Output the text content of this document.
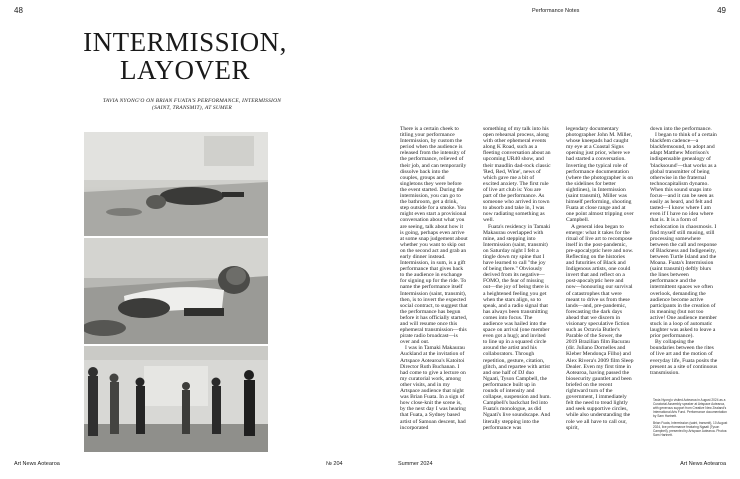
48	Performance Notes	49
INTERMISSION,
LAYOVER
TAVIA NYONG'O ON BRIAN FUATA'S PERFORMANCE, INTERMISSION (SAINT, TRANSMIT), AT SUMER

There is a certain cheek to titling your performance Intermission, by custom the period when the audience is released from the intensity of the performance, relieved of their job, and can temporarily dissolve back into the couples, groups and singletons they were before the event started. During the intermission, you can go to the bathroom, get a drink, step outside for a smoke. You might even start a provisional conversation about what you are seeing, talk about how it is going, perhaps even arrive at some snap judgement about whether you want to skip out on the second act and grab an early dinner instead. Intermission, in sum, is a gift performance that gives back to the audience in exchange for signing up for the ride. To name the performance itself Intermission (saint, transmit), then, is to invert the expected social contract, to suggest that the performance has begun before it has officially started, and will resume once this ephemeral transmission—this pirate radio broadcast—is over and out.

I was in Tamaki Makaurau Auckland at the invitation of Artspace Aotearoa's Katoitoi Director Ruth Buchanan. I had come to give a lecture on my curatorial work, among other visits, and in my Artspace audience that night was Brian Fuata. In a sign of how close-knit the scene is, by the next day I was hearing that Fuata, a Sydney based artist of Samoan descent, had incorporated

something of my talk into his open rehearsal process, along with other ephemeral events along K Road, such as a fleeting conversation about an upcoming UR40 show, and their maudlin dad-rock classic 'Red, Red, Wine', news of which gave me a bit of excited anxiety. The first rule of live art club is: You are part of the performance. As someone who arrived in town to absorb and take in, I was now radiating something as well.

Fuata's residency in Tamaki Makaurau overlapped with mine, and stepping into Intermission (saint, transmit) on Saturday night I felt a tingle down my spine that I have learned to call "the joy of being there." Obviously derived from its negative—FOMO, the fear of missing out—the joy of being there is a heightened feeling you get when the stars align, so to speak, and a radio signal that has always been transmitting comes into focus. The audience was hailed into the space on arrival (one member even got a hug); and invited to line up in a squared circle around the artist and his collaborators. Through repetition, gesture, citation, glitch, and repartee with artist and one half of DJ duo Ngaati, Tyson Campbell, the performance built up in rounds of intensity and collapse, suspension and hum. Campbell's backchat fed into Fuata's monologue, as did Ngaati's live soundscape. And literally stepping into the performance was

legendary documentary photographer John M. Miller, whose kneepads had caught my eye at a Coastal Signs opening just prior, where we had started a conversation. Inverting the typical role of performance documentation (where the photographer is on the sidelines for better sightlines), in Intermission (saint transmit), Miller was himself performing, shooting Fuata at close range and at one point almost tripping over Campbell.

A general idea began to emerge: what it takes for the ritual of live art to recompose itself in the post-pandemic, pre-apocalyptic here and now. Reflecting on the histories and futurities of Black and Indigenous artists, one could invert that and reflect on a post-apocalyptic here and now—honouring our survival of catastrophes that were meant to drive us from these lands—and, pre-pandemic, forecasting the dark days ahead that we discern in visionary speculative fiction such as Octavia Butler's Parable of the Sower, the 2019 Brazilian film Bacurau (dir. Juliano Dornelles and Kleber Mendonça Filho) and Alex Rivera's 2009 film Sleep Dealer. Even my first time in Aotearoa, having passed the biosecurity gauntlet and been briefed on the recent rightward turn of the government, I immediately felt the need to tread lightly and seek supportive circles, while also understanding the role we all have to call our, spirit,

down into the performance.

I began to think of a certain blackfem cadence—a blackfemsound, to adopt and adapt Matthew Morrison's indispensable genealogy of 'blacksound'—that works as a global transmitter of being otherwise in the fraternal technocapitalism dynamo. When this sound snaps into focus—and it can be seen as easily as heard, and felt and tasted—I know where I am even if I have no idea where that is. It is a form of echolocation in chaosmosis. I find myself still musing, still processing somewhere between the call and response of Blackness and Indigeneity, between Turtle Island and the Moana. Fuata's Intermission (saint transmit) deftly blurs the lines between performance and the intermittent spaces we often overlook, demanding the audience become active participants in the creation of its meaning (but not too active! One audience member stuck in a loop of automatic laughter was asked to leave a prior performance).

By collapsing the boundaries between the rites of live art and the motion of everyday life, Fuata posits the present as a site of continuous transmission.

Tavia Nyong'o visited Aotearoa in August 2024 as a Curatorial Assembly speaker at Artspace Aotearoa, with generous support from Creative New Zealand's International Arts Fund. Performance documentation by Sam Hartnett.

Brian Fuata, Intermission (saint, transmit), 10 August 2024, live performance featuring Ngaati (Tyson Campbell), presented by Artspace Aotearoa. Photos: Sam Hartnett.

Art News Aotearoa	№ 204	Summer 2024	Art News Aotearoa
